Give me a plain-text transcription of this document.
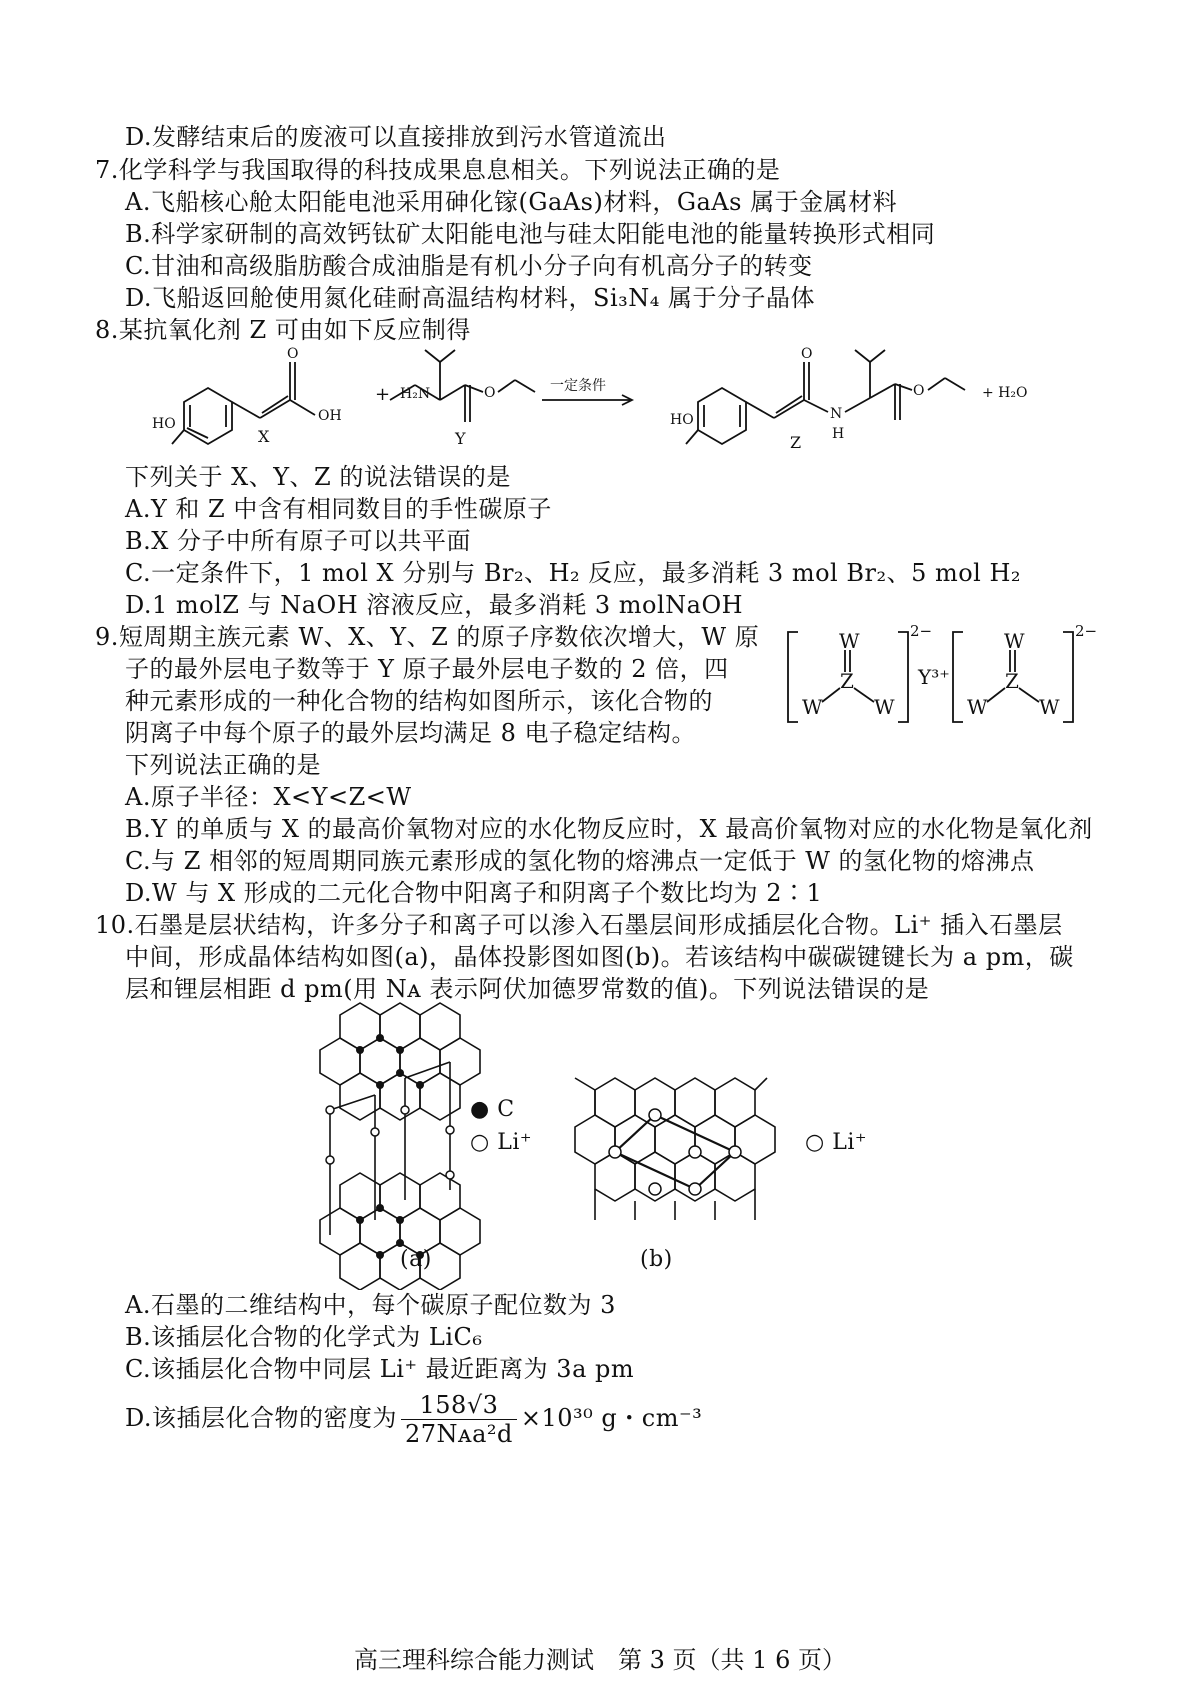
D.发酵结束后的废液可以直接排放到污水管道流出
7.化学科学与我国取得的科技成果息息相关。下列说法正确的是
A.飞船核心舱太阳能电池采用砷化镓(GaAs)材料，GaAs 属于金属材料
B.科学家研制的高效钙钛矿太阳能电池与硅太阳能电池的能量转换形式相同
C.甘油和高级脂肪酸合成油脂是有机小分子向有机高分子的转变
D.飞船返回舱使用氮化硅耐高温结构材料，Si₃N₄ 属于分子晶体
8.某抗氧化剂 Z 可由如下反应制得
HO	OH
O
X
+ H₂N	O
Y
一定条件
HO
O
N
H
O
Z
+ H₂O
下列关于 X、Y、Z 的说法错误的是
A.Y 和 Z 中含有相同数目的手性碳原子
B.X 分子中所有原子可以共平面
C.一定条件下，1 mol X 分别与 Br₂、H₂ 反应，最多消耗 3 mol Br₂、5 mol H₂
D.1 molZ 与 NaOH 溶液反应，最多消耗 3 molNaOH
9.短周期主族元素 W、X、Y、Z 的原子序数依次增大，W 原
子的最外层电子数等于 Y 原子最外层电子数的 2 倍，四
种元素形成的一种化合物的结构如图所示，该化合物的
阴离子中每个原子的最外层均满足 8 电子稳定结构。
下列说法正确的是
W
Z
W	W
2−
Y³⁺
W
Z
W	W
2−
A.原子半径：X<Y<Z<W
B.Y 的单质与 X 的最高价氧物对应的水化物反应时，X 最高价氧物对应的水化物是氧化剂
C.与 Z 相邻的短周期同族元素形成的氢化物的熔沸点一定低于 W 的氢化物的熔沸点
D.W 与 X 形成的二元化合物中阳离子和阴离子个数比均为 2∶1
10.石墨是层状结构，许多分子和离子可以渗入石墨层间形成插层化合物。Li⁺ 插入石墨层
中间，形成晶体结构如图(a)，晶体投影图如图(b)。若该结构中碳碳键键长为 a pm，碳
层和锂层相距 d pm(用 Nᴀ 表示阿伏加德罗常数的值)。下列说法错误的是
● C
○ Li⁺
(a)
○ Li⁺
(b)
A.石墨的二维结构中，每个碳原子配位数为 3
B.该插层化合物的化学式为 LiC₆
C.该插层化合物中同层 Li⁺ 最近距离为 3a pm
D.该插层化合物的密度为 $\frac{158√3}{\text{27Nᴀa²d}} \times 10^{30}$ g・cm⁻³
高三理科综合能力测试　第 3 页（共 1 6 页）
